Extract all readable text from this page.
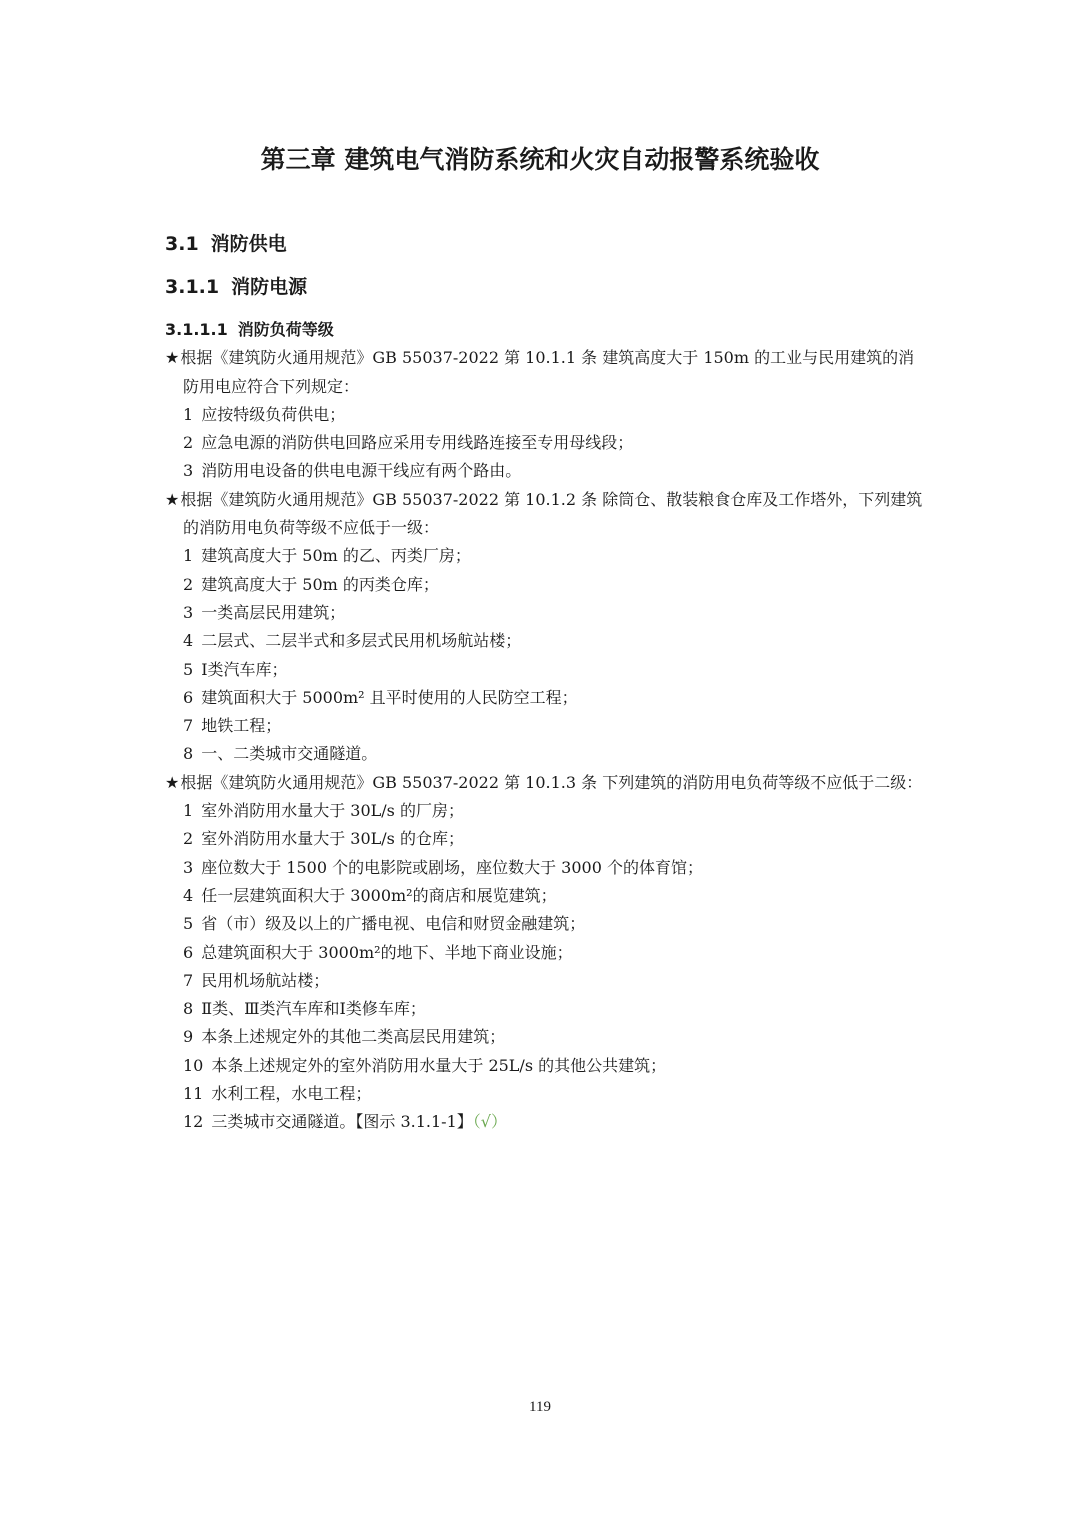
第三章 建筑电气消防系统和火灾自动报警系统验收
3.1 消防供电
3.1.1 消防电源
3.1.1.1 消防负荷等级
★根据《建筑防火通用规范》GB 55037-2022 第 10.1.1 条 建筑高度大于 150m 的工业与民用建筑的消防用电应符合下列规定：
1 应按特级负荷供电；
2 应急电源的消防供电回路应采用专用线路连接至专用母线段；
3 消防用电设备的供电电源干线应有两个路由。
★根据《建筑防火通用规范》GB 55037-2022 第 10.1.2 条 除筒仓、散装粮食仓库及工作塔外，下列建筑的消防用电负荷等级不应低于一级：
1 建筑高度大于 50m 的乙、丙类厂房；
2 建筑高度大于 50m 的丙类仓库；
3 一类高层民用建筑；
4 二层式、二层半式和多层式民用机场航站楼；
5 Ⅰ类汽车库；
6 建筑面积大于 5000m² 且平时使用的人民防空工程；
7 地铁工程；
8 一、二类城市交通隧道。
★根据《建筑防火通用规范》GB 55037-2022 第 10.1.3 条 下列建筑的消防用电负荷等级不应低于二级：
1 室外消防用水量大于 30L/s 的厂房；
2 室外消防用水量大于 30L/s 的仓库；
3 座位数大于 1500 个的电影院或剧场，座位数大于 3000 个的体育馆；
4 任一层建筑面积大于 3000m²的商店和展览建筑；
5 省（市）级及以上的广播电视、电信和财贸金融建筑；
6 总建筑面积大于 3000m²的地下、半地下商业设施；
7 民用机场航站楼；
8 Ⅱ类、Ⅲ类汽车库和Ⅰ类修车库；
9 本条上述规定外的其他二类高层民用建筑；
10 本条上述规定外的室外消防用水量大于 25L/s 的其他公共建筑；
11 水利工程，水电工程；
12 三类城市交通隧道。【图示 3.1.1-1】（√）
119
